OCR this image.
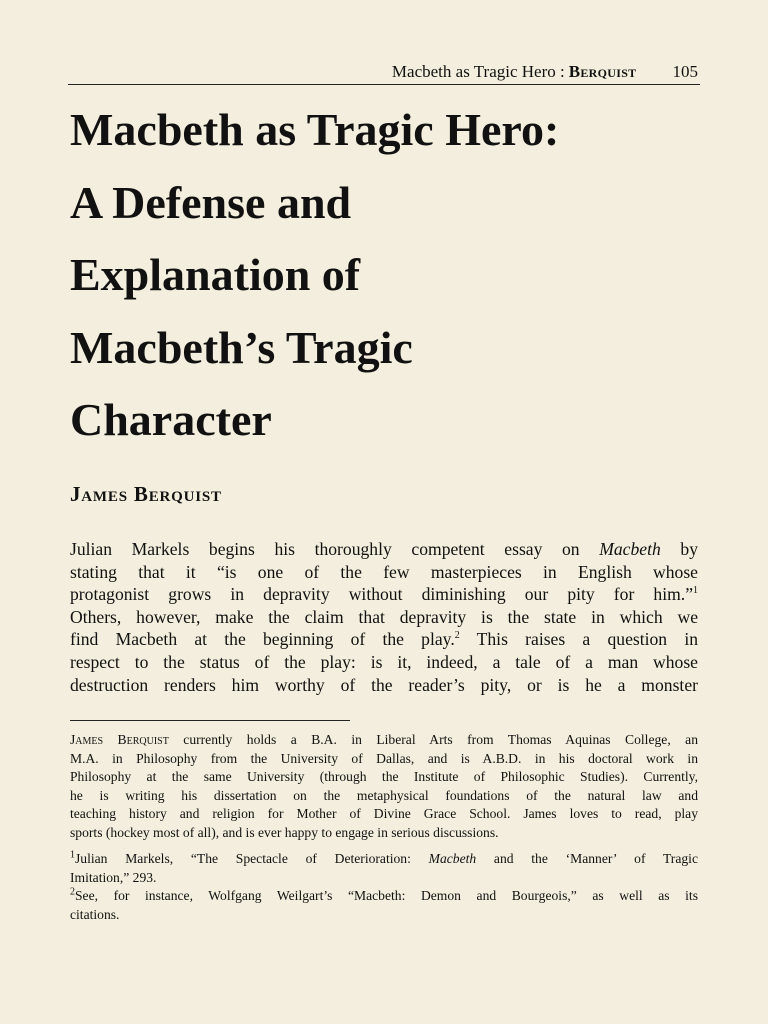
Macbeth as Tragic Hero : Berquist 105
Macbeth as Tragic Hero:
A Defense and
Explanation of
Macbeth’s Tragic
Character

James Berquist

Julian Markels begins his thoroughly competent essay on Macbeth by
stating that it “is one of the few masterpieces in English whose
protagonist grows in depravity without diminishing our pity for him.”$^1$
Others, however, make the claim that depravity is the state in which we
find Macbeth at the beginning of the play.$^2$ This raises a question in
respect to the status of the play: is it, indeed, a tale of a man whose
destruction renders him worthy of the reader’s pity, or is he a monster
James Berquist currently holds a B.A. in Liberal Arts from Thomas Aquinas College, an
M.A. in Philosophy from the University of Dallas, and is A.B.D. in his doctoral work in
Philosophy at the same University (through the Institute of Philosophic Studies). Currently,
he is writing his dissertation on the metaphysical foundations of the natural law and
teaching history and religion for Mother of Divine Grace School. James loves to read, play
sports (hockey most of all), and is ever happy to engage in serious discussions.
$^1$Julian Markels, “The Spectacle of Deterioration: Macbeth and the ‘Manner’ of Tragic
Imitation,” 293.
$^2$See, for instance, Wolfgang Weilgart’s “Macbeth: Demon and Bourgeois,” as well as its
citations.
